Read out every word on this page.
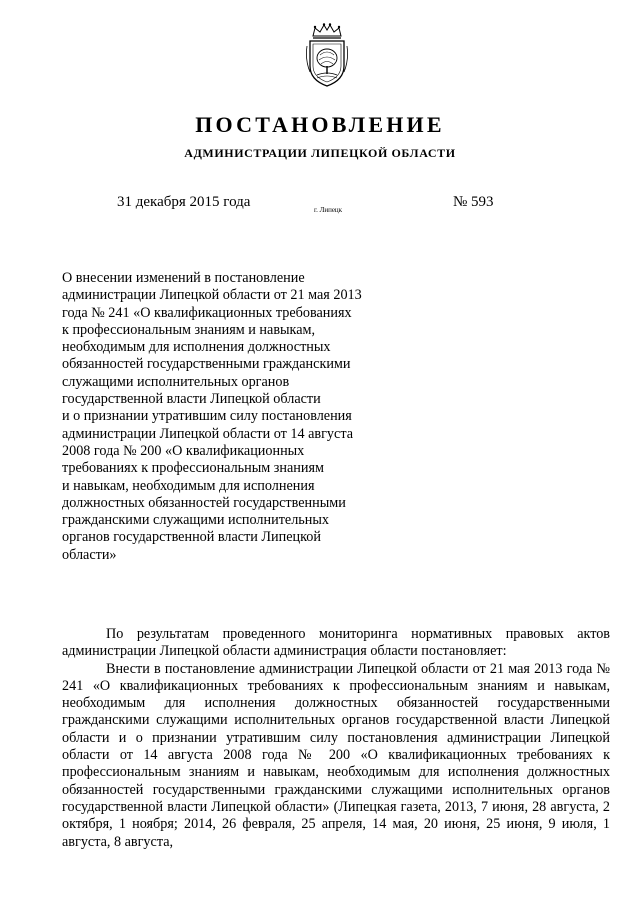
ПОСТАНОВЛЕНИЕ
АДМИНИСТРАЦИИ ЛИПЕЦКОЙ ОБЛАСТИ
31 декабря 2015 года	г. Липецк	№ 593
О внесении изменений в постановление
администрации Липецкой области от 21 мая 2013
года № 241 «О квалификационных требованиях
к профессиональным знаниям и навыкам,
необходимым для исполнения должностных
обязанностей государственными гражданскими
служащими исполнительных органов
государственной власти Липецкой области
и о признании утратившим силу постановления
администрации Липецкой области от 14 августа
2008 года № 200 «О квалификационных
требованиях к профессиональным знаниям
и навыкам, необходимым для исполнения
должностных обязанностей государственными
гражданскими служащими исполнительных
органов государственной власти Липецкой
области»

По результатам проведенного мониторинга нормативных правовых актов администрации Липецкой области администрация области постановляет:

Внести в постановление администрации Липецкой области от 21 мая 2013 года № 241 «О квалификационных требованиях к профессиональным знаниям и навыкам, необходимым для исполнения должностных обязанностей государственными гражданскими служащими исполнительных органов государственной власти Липецкой области и о признании утратившим силу постановления администрации Липецкой области от 14 августа 2008 года № 200 «О квалификационных требованиях к профессиональным знаниям и навыкам, необходимым для исполнения должностных обязанностей государственными гражданскими служащими исполнительных органов государственной власти Липецкой области» (Липецкая газета, 2013, 7 июня, 28 августа, 2 октября, 1 ноября; 2014, 26 февраля, 25 апреля, 14 мая, 20 июня, 25 июня, 9 июля, 1 августа, 8 августа,
